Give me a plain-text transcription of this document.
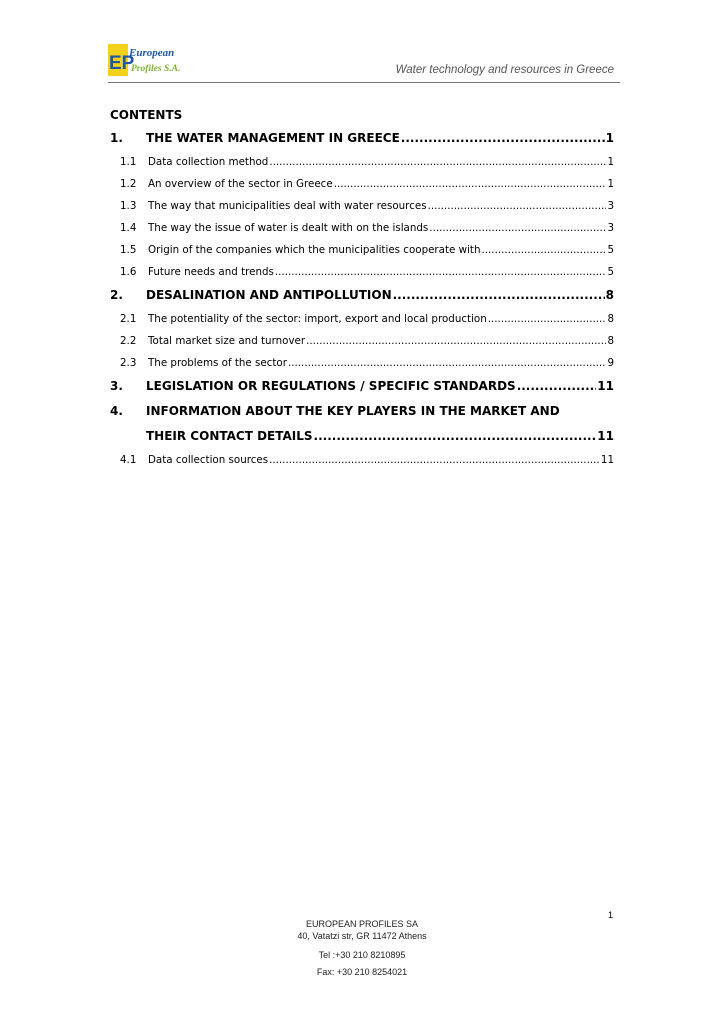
EP
European
Profiles S.A.	Water technology and resources in Greece
CONTENTS
1.	THE WATER MANAGEMENT IN GREECE .....	1
1.1	Data collection method .....	1
1.2	An overview of the sector in Greece .....	1
1.3	The way that municipalities deal with water resources .....	3
1.4	The way the issue of water is dealt with on the islands .....	3
1.5	Origin of the companies which the municipalities cooperate with .....	5
1.6	Future needs and trends .....	5
2.	DESALINATION AND ANTIPOLLUTION .....	8
2.1	The potentiality of the sector: import, export and local production .....	8
2.2	Total market size and turnover .....	8
2.3	The problems of the sector .....	9
3.	LEGISLATION OR REGULATIONS / SPECIFIC STANDARDS .....	11
4. INFORMATION ABOUT THE KEY PLAYERS IN THE MARKET AND
THEIR CONTACT DETAILS .....	11
4.1	Data collection sources .....	11
1
EUROPEAN PROFILES SA
40, Vatatzi str, GR 11472 Athens
Tel :+30 210 8210895
Fax: +30 210 8254021
